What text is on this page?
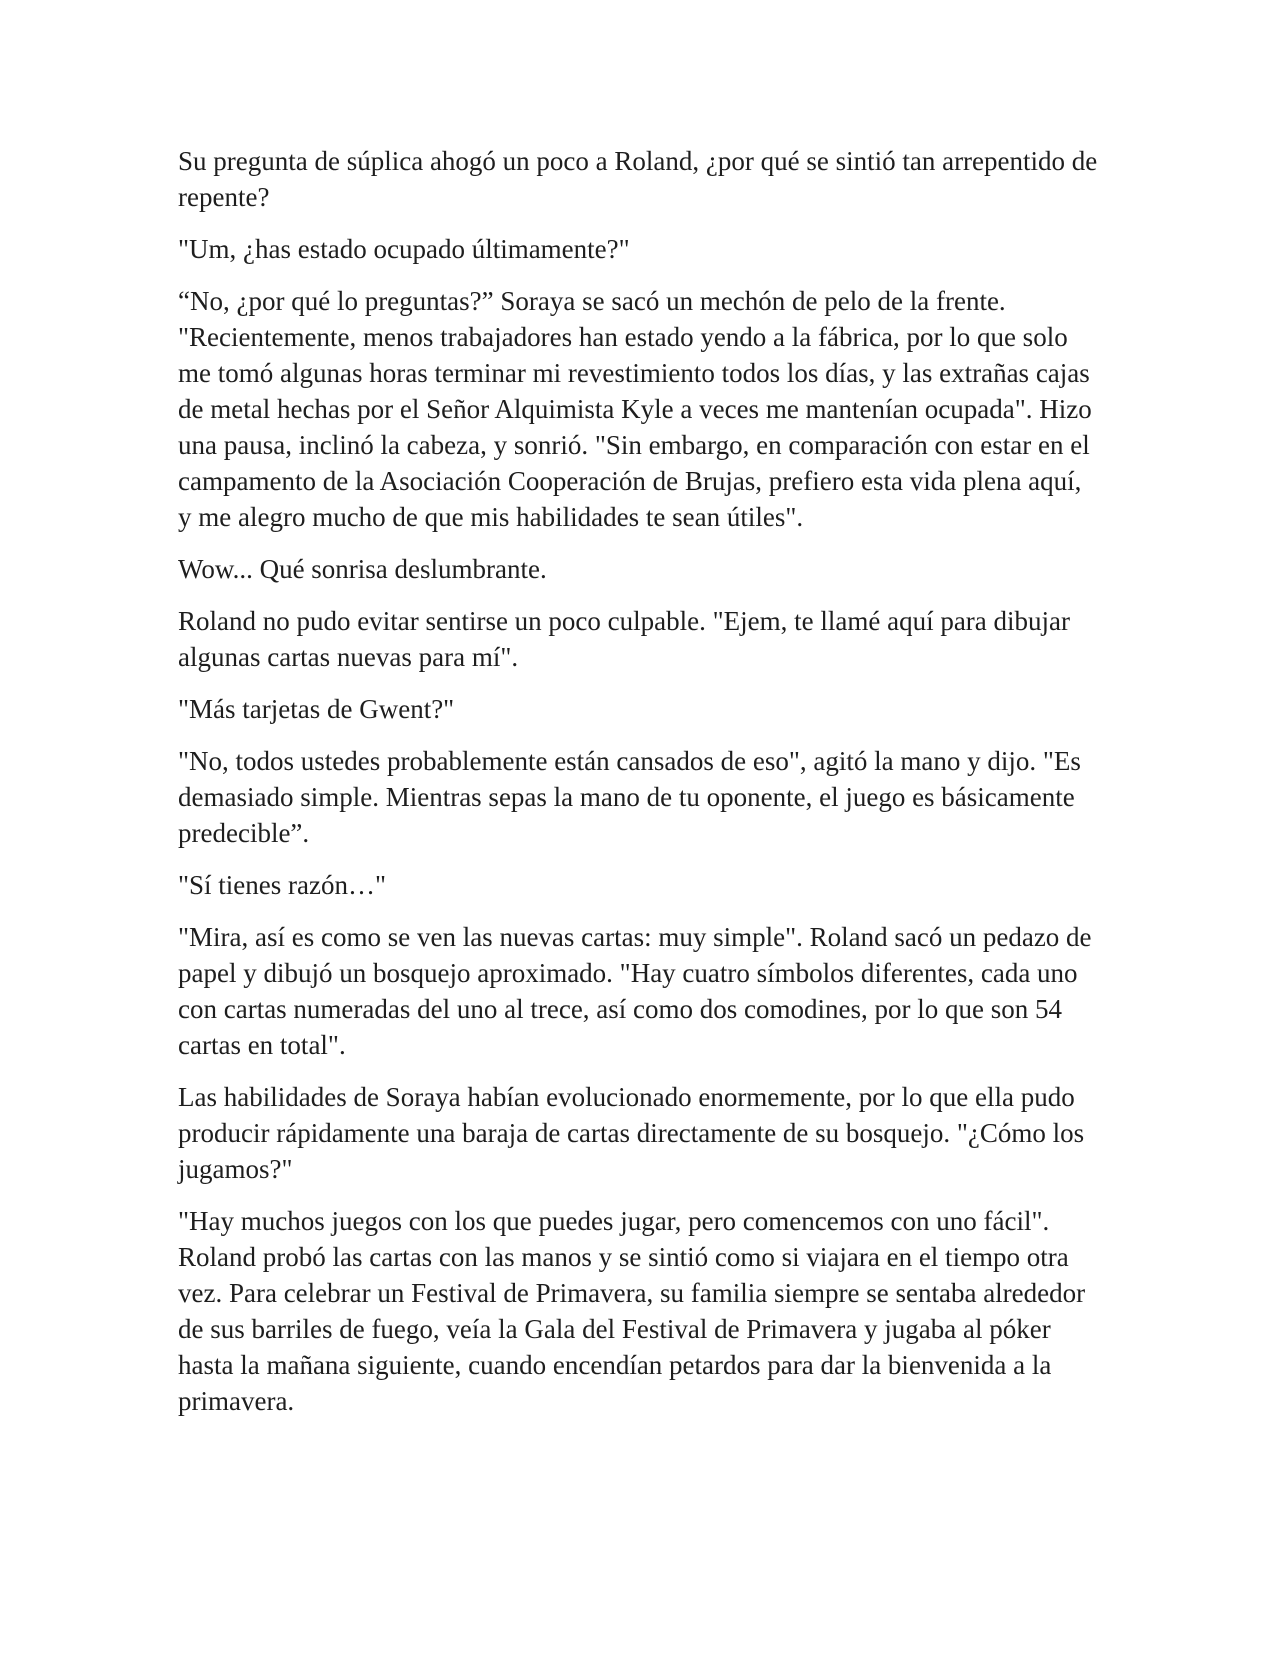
Su pregunta de súplica ahogó un poco a Roland, ¿por qué se sintió tan arrepentido de repente?

"Um, ¿has estado ocupado últimamente?"

“No, ¿por qué lo preguntas?” Soraya se sacó un mechón de pelo de la frente. "Recientemente, menos trabajadores han estado yendo a la fábrica, por lo que solo me tomó algunas horas terminar mi revestimiento todos los días, y las extrañas cajas de metal hechas por el Señor Alquimista Kyle a veces me mantenían ocupada". Hizo una pausa, inclinó la cabeza, y sonrió. "Sin embargo, en comparación con estar en el campamento de la Asociación Cooperación de Brujas, prefiero esta vida plena aquí, y me alegro mucho de que mis habilidades te sean útiles".

Wow... Qué sonrisa deslumbrante.

Roland no pudo evitar sentirse un poco culpable. "Ejem, te llamé aquí para dibujar algunas cartas nuevas para mí".

"Más tarjetas de Gwent?"

"No, todos ustedes probablemente están cansados de eso", agitó la mano y dijo. "Es demasiado simple. Mientras sepas la mano de tu oponente, el juego es básicamente predecible”.

"Sí tienes razón…"

"Mira, así es como se ven las nuevas cartas: muy simple". Roland sacó un pedazo de papel y dibujó un bosquejo aproximado. "Hay cuatro símbolos diferentes, cada uno con cartas numeradas del uno al trece, así como dos comodines, por lo que son 54 cartas en total".

Las habilidades de Soraya habían evolucionado enormemente, por lo que ella pudo producir rápidamente una baraja de cartas directamente de su bosquejo. "¿Cómo los jugamos?"

"Hay muchos juegos con los que puedes jugar, pero comencemos con uno fácil". Roland probó las cartas con las manos y se sintió como si viajara en el tiempo otra vez. Para celebrar un Festival de Primavera, su familia siempre se sentaba alrededor de sus barriles de fuego, veía la Gala del Festival de Primavera y jugaba al póker hasta la mañana siguiente, cuando encendían petardos para dar la bienvenida a la primavera.
